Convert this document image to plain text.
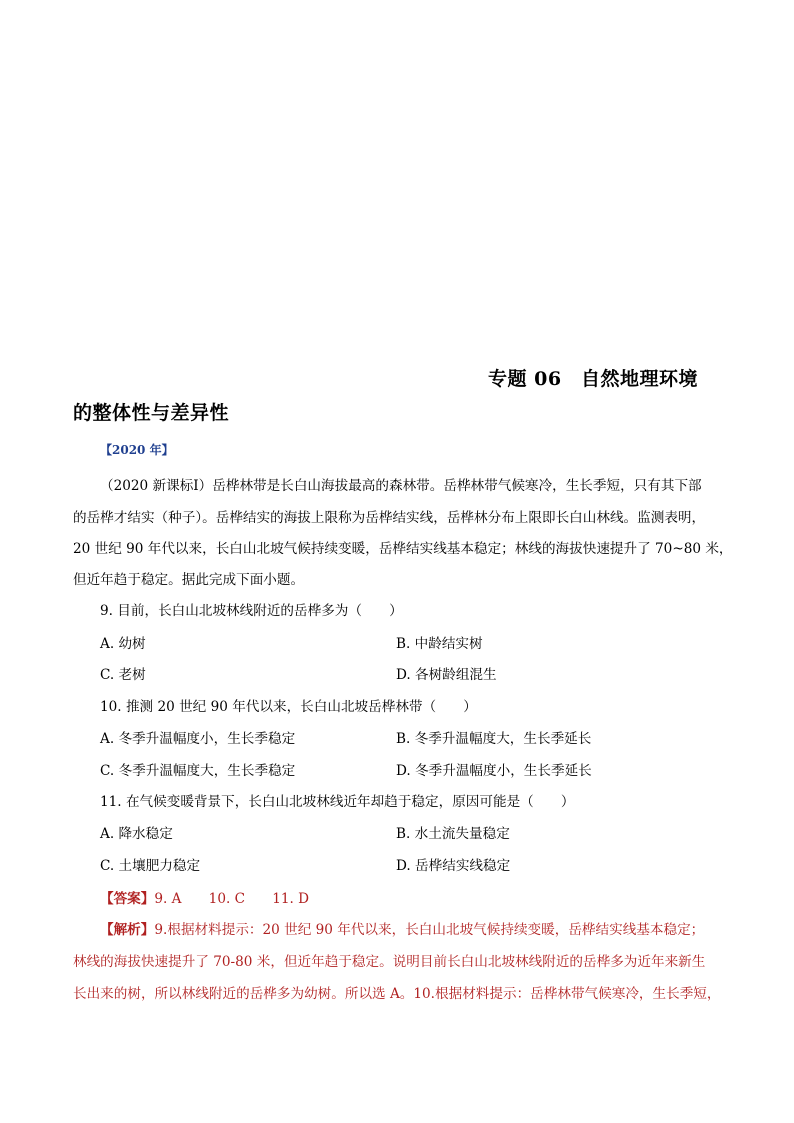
专题 06　自然地理环境
的整体性与差异性
【2020 年】
（2020 新课标Ⅰ）岳桦林带是长白山海拔最高的森林带。岳桦林带气候寒冷，生长季短，只有其下部
的岳桦才结实（种子）。岳桦结实的海拔上限称为岳桦结实线，岳桦林分布上限即长白山林线。监测表明，
20 世纪 90 年代以来，长白山北坡气候持续变暖，岳桦结实线基本稳定；林线的海拔快速提升了 70~80 米，
但近年趋于稳定。据此完成下面小题。
9. 目前，长白山北坡林线附近的岳桦多为（　　）
A. 幼树	B. 中龄结实树
C. 老树	D. 各树龄组混生
10. 推测 20 世纪 90 年代以来，长白山北坡岳桦林带（　　）
A. 冬季升温幅度小，生长季稳定	B. 冬季升温幅度大，生长季延长
C. 冬季升温幅度大，生长季稳定	D. 冬季升温幅度小，生长季延长
11. 在气候变暖背景下，长白山北坡林线近年却趋于稳定，原因可能是（　　）
A. 降水稳定	B. 水土流失量稳定
C. 土壤肥力稳定	D. 岳桦结实线稳定
【答案】9. A　　10. C　　11. D
【解析】9.根据材料提示：20 世纪 90 年代以来，长白山北坡气候持续变暖，岳桦结实线基本稳定；
林线的海拔快速提升了 70-80 米，但近年趋于稳定。说明目前长白山北坡林线附近的岳桦多为近年来新生
长出来的树，所以林线附近的岳桦多为幼树。所以选 A。10.根据材料提示：岳桦林带气候寒冷，生长季短，
